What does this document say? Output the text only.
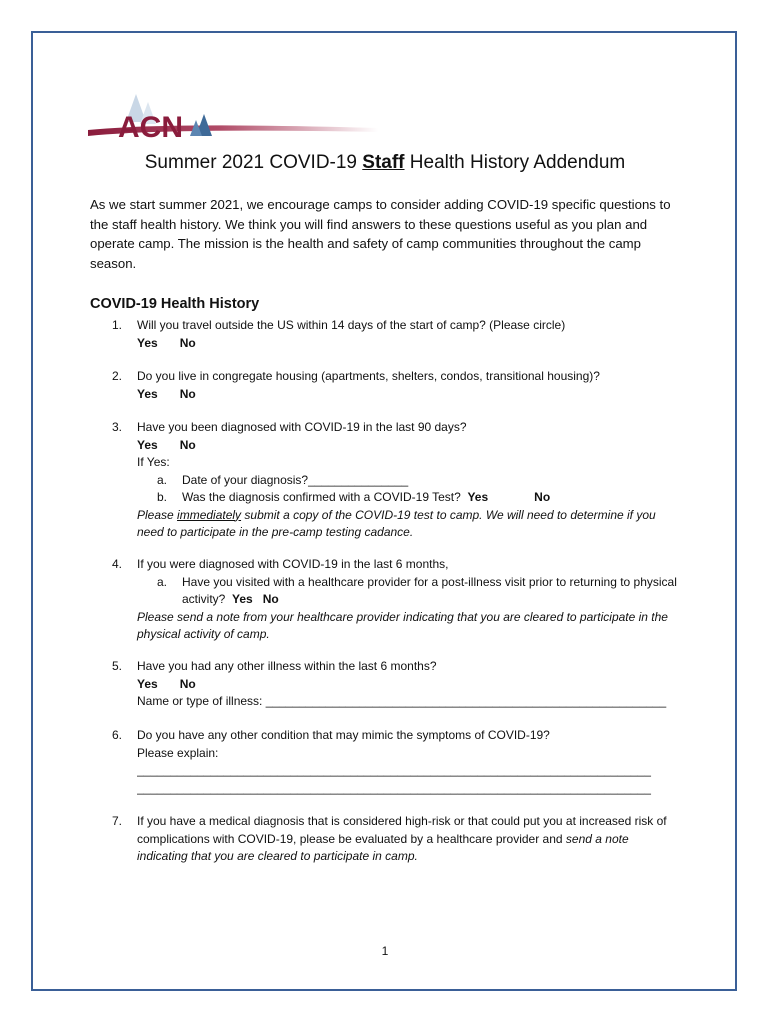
ACN
Summer 2021 COVID-19 Staff Health History Addendum
As we start summer 2021, we encourage camps to consider adding COVID-19 specific questions to the staff health history. We think you will find answers to these questions useful as you plan and operate camp. The mission is the health and safety of camp communities throughout the camp season.
COVID-19 Health History
1. Will you travel outside the US within 14 days of the start of camp? (Please circle)
Yes No
2. Do you live in congregate housing (apartments, shelters, condos, transitional housing)?
Yes No
3. Have you been diagnosed with COVID-19 in the last 90 days?
Yes No
If Yes:
a. Date of your diagnosis?_______________
b. Was the diagnosis confirmed with a COVID-19 Test? Yes	No
Please immediately submit a copy of the COVID-19 test to camp. We will need to determine if you need to participate in the pre-camp testing cadance.
4. If you were diagnosed with COVID-19 in the last 6 months,
a. Have you visited with a healthcare provider for a post-illness visit prior to returning to physical activity? Yes No
Please send a note from your healthcare provider indicating that you are cleared to participate in the physical activity of camp.
5. Have you had any other illness within the last 6 months?
Yes No
Name or type of illness: ____________________________________________________________
6. Do you have any other condition that may mimic the symptoms of COVID-19?
Please explain:
_____________________________________________________________________________
_____________________________________________________________________________
7. If you have a medical diagnosis that is considered high-risk or that could put you at increased risk of complications with COVID-19, please be evaluated by a healthcare provider and send a note indicating that you are cleared to participate in camp.
1
